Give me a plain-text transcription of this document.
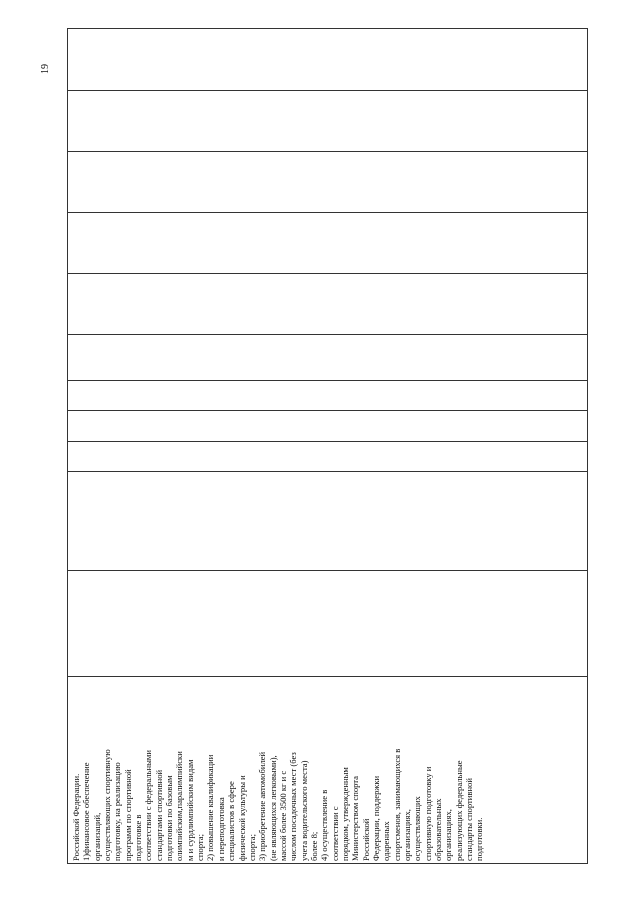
19
Российской Федерации. 1)финансовое обеспечение организаций, осуществляющих спортивную подготовку, на реализацию программ по спортивной подготовке в соответствии с федеральными стандартами спортивной подготовки по базовым олимпийским,паралимпийски м и сурдлимпийским видам спорта; 2) повышение квалификации и переподготовка специалистов в сфере физической культуры и спорта; 3) приобретение автомобилей (не являющихся легковыми), массой более 3500 кг и с числом посадочных мест (без учета водительского места) более 8; 4) осуществление в соответствии с порядком, утвержденным Министерством спорта Российской Федерации, поддержки одаренных спортсменов, занимающихся в организациях, осуществляющих спортивную подготовку и образовательных организациях, реализующих федеральные стандарты спортивной подготовки.
